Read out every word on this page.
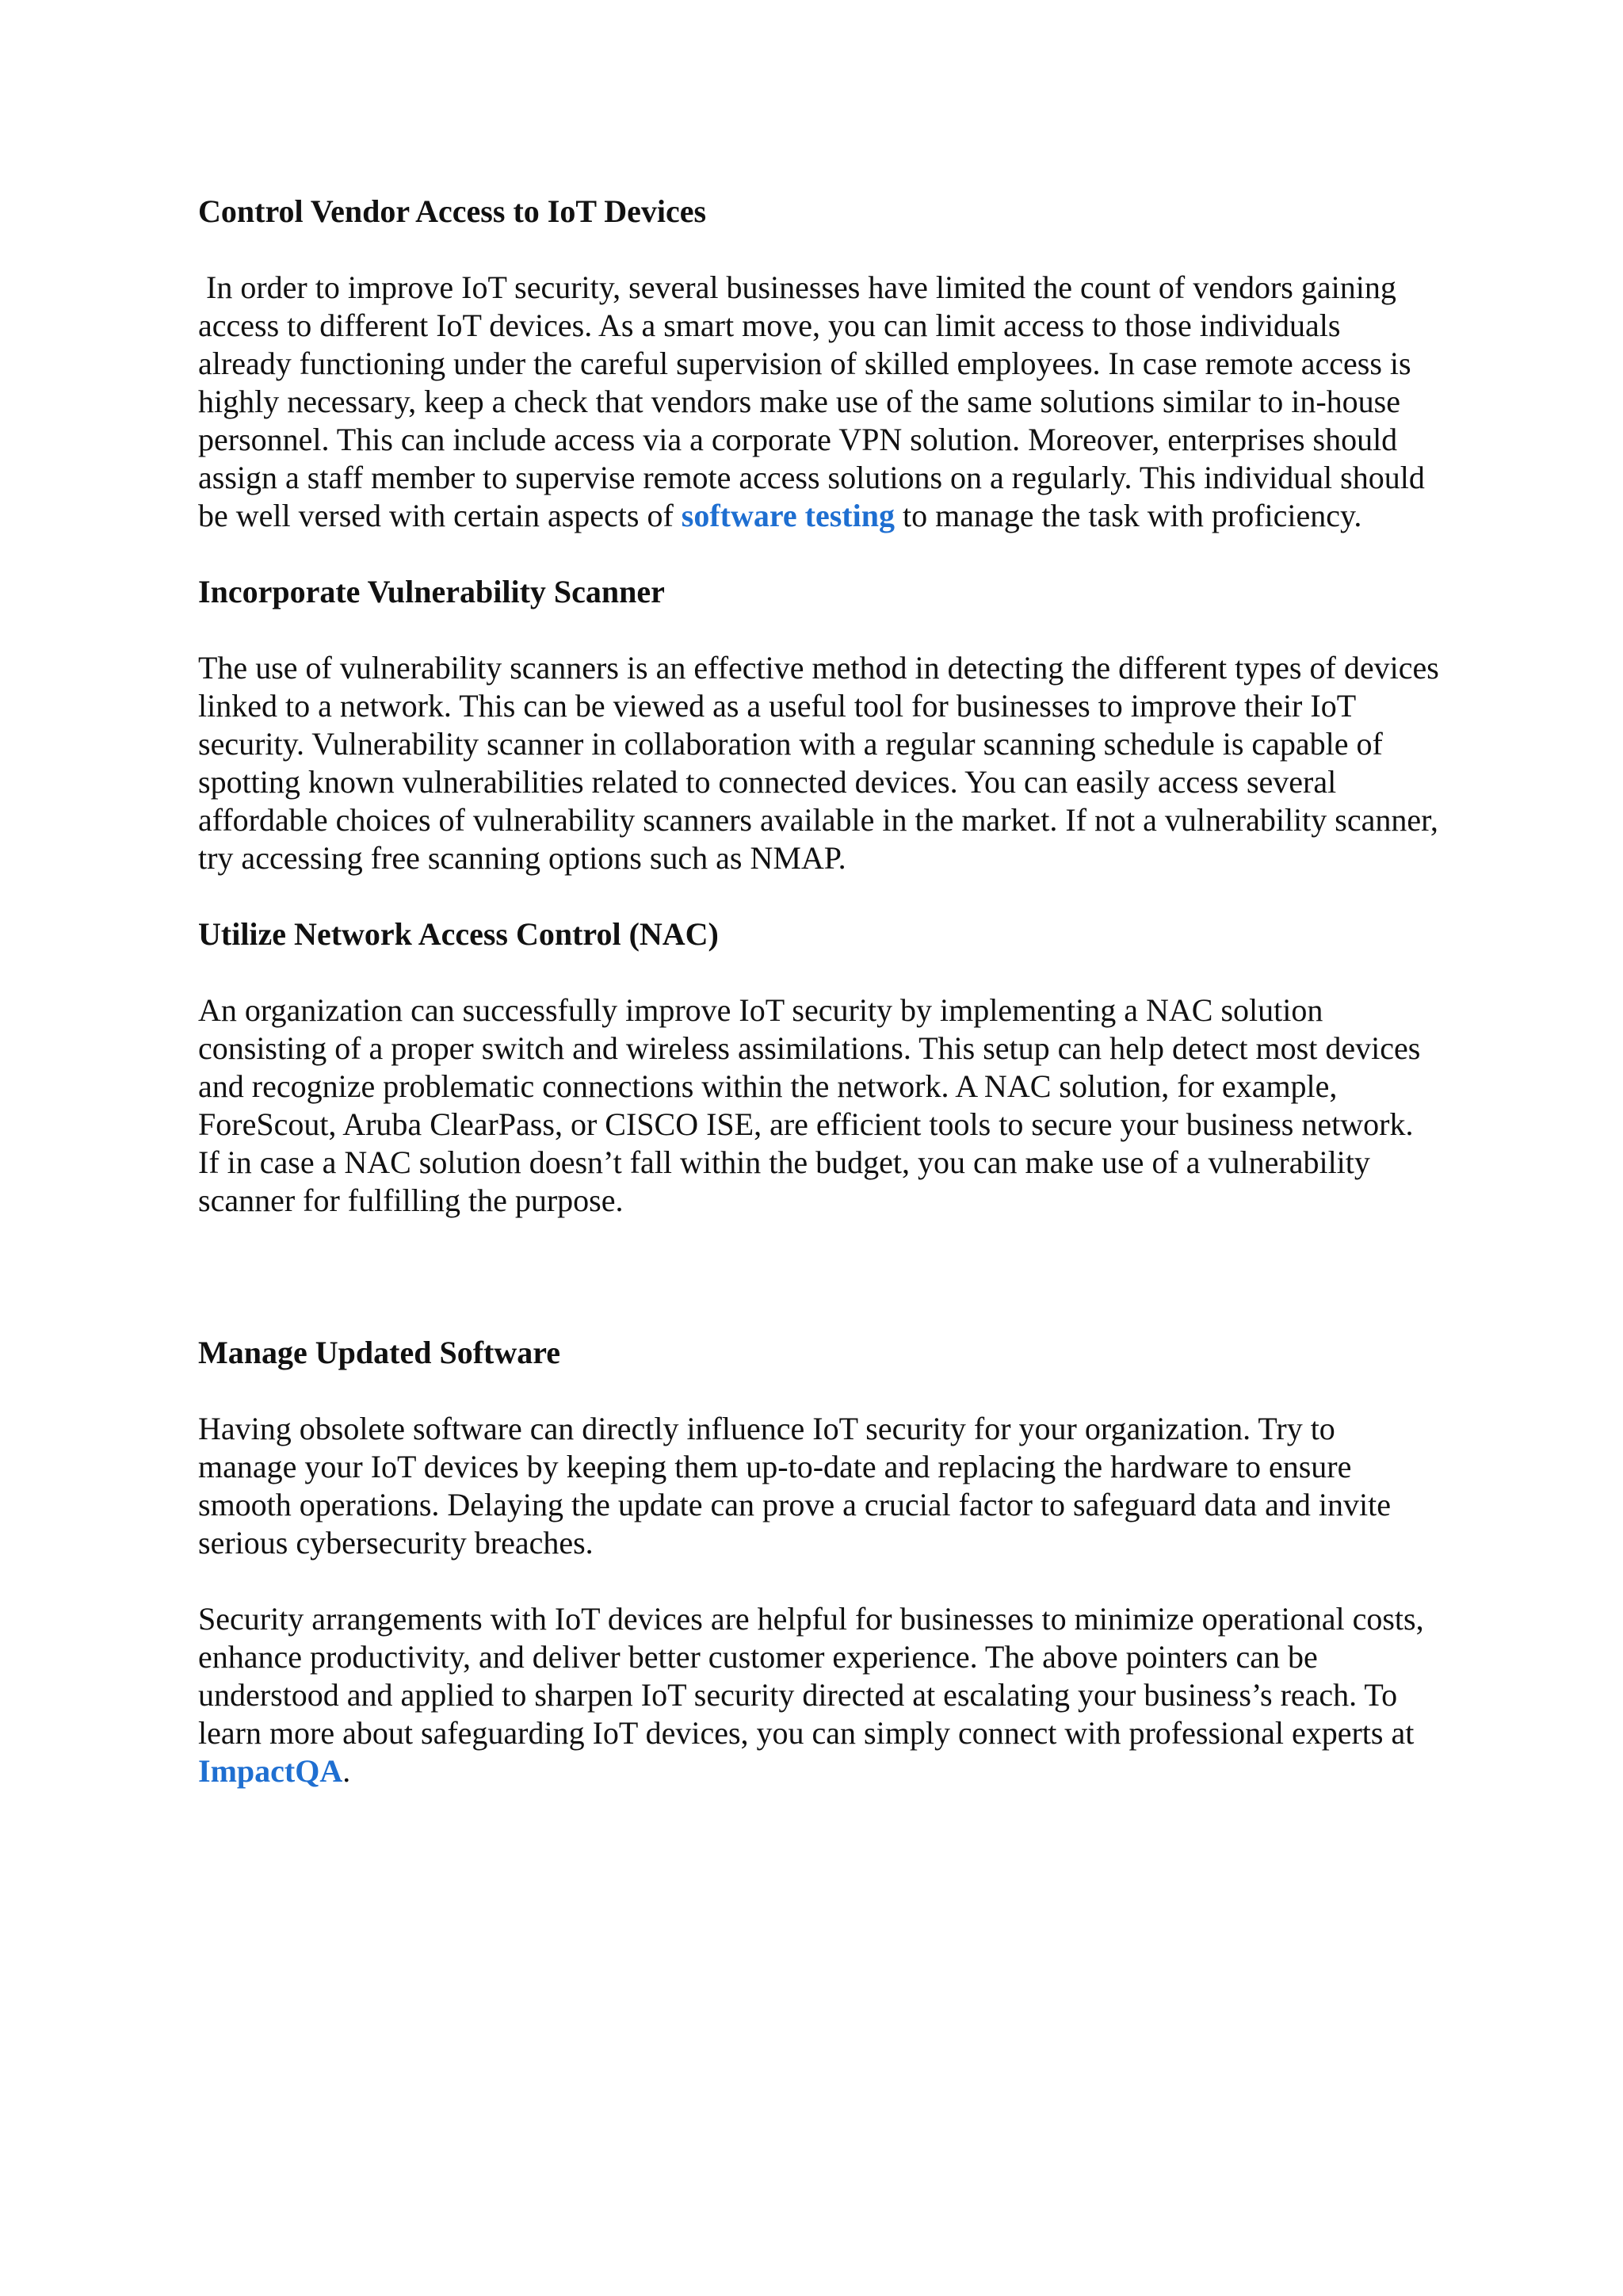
Control Vendor Access to IoT Devices

In order to improve IoT security, several businesses have limited the count of vendors gaining access to different IoT devices. As a smart move, you can limit access to those individuals already functioning under the careful supervision of skilled employees. In case remote access is highly necessary, keep a check that vendors make use of the same solutions similar to in-house personnel. This can include access via a corporate VPN solution. Moreover, enterprises should assign a staff member to supervise remote access solutions on a regularly. This individual should be well versed with certain aspects of software testing to manage the task with proficiency.

Incorporate Vulnerability Scanner

The use of vulnerability scanners is an effective method in detecting the different types of devices linked to a network. This can be viewed as a useful tool for businesses to improve their IoT security. Vulnerability scanner in collaboration with a regular scanning schedule is capable of spotting known vulnerabilities related to connected devices. You can easily access several affordable choices of vulnerability scanners available in the market. If not a vulnerability scanner, try accessing free scanning options such as NMAP.

Utilize Network Access Control (NAC)

An organization can successfully improve IoT security by implementing a NAC solution consisting of a proper switch and wireless assimilations. This setup can help detect most devices and recognize problematic connections within the network. A NAC solution, for example, ForeScout, Aruba ClearPass, or CISCO ISE, are efficient tools to secure your business network. If in case a NAC solution doesn’t fall within the budget, you can make use of a vulnerability scanner for fulfilling the purpose.

Manage Updated Software

Having obsolete software can directly influence IoT security for your organization. Try to manage your IoT devices by keeping them up-to-date and replacing the hardware to ensure smooth operations. Delaying the update can prove a crucial factor to safeguard data and invite serious cybersecurity breaches.

Security arrangements with IoT devices are helpful for businesses to minimize operational costs, enhance productivity, and deliver better customer experience. The above pointers can be understood and applied to sharpen IoT security directed at escalating your business’s reach. To learn more about safeguarding IoT devices, you can simply connect with professional experts at ImpactQA.
